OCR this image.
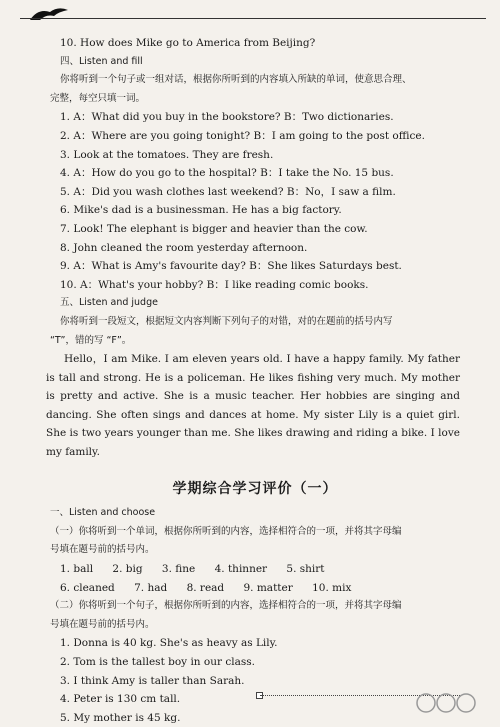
10. How does Mike go to America from Beijing?
四、Listen and fill
你将听到一个句子或一组对话，根据你所听到的内容填入所缺的单词，使意思合理、
完整，每空只填一词。
1. A：What did you buy in the bookstore? B：Two dictionaries.
2. A：Where are you going tonight? B：I am going to the post office.
3. Look at the tomatoes. They are fresh.
4. A：How do you go to the hospital? B：I take the No. 15 bus.
5. A：Did you wash clothes last weekend? B：No，I saw a film.
6. Mike's dad is a businessman. He has a big factory.
7. Look! The elephant is bigger and heavier than the cow.
8. John cleaned the room yesterday afternoon.
9. A：What is Amy's favourite day? B：She likes Saturdays best.
10. A：What's your hobby? B：I like reading comic books.
五、Listen and judge
你将听到一段短文，根据短文内容判断下列句子的对错，对的在题前的括号内写
“T”，错的写 “F”。
Hello，I am Mike. I am eleven years old. I have a happy family. My father is tall and strong. He is a policeman. He likes fishing very much. My mother is pretty and active. She is a music teacher. Her hobbies are singing and dancing. She often sings and dances at home. My sister Lily is a quiet girl. She is two years younger than me. She likes drawing and riding a bike. I love my family.
学期综合学习评价（一）
一、Listen and choose
（一）你将听到一个单词，根据你所听到的内容，选择相符合的一项，并将其字母编
号填在题号前的括号内。
1. ball 2. big 3. fine 4. thinner 5. shirt
6. cleaned 7. had 8. read 9. matter 10. mix
（二）你将听到一个句子，根据你所听到的内容，选择相符合的一项，并将其字母编
号填在题号前的括号内。
1. Donna is 40 kg. She's as heavy as Lily.
2. Tom is the tallest boy in our class.
3. I think Amy is taller than Sarah.
4. Peter is 130 cm tall.
5. My mother is 45 kg.
